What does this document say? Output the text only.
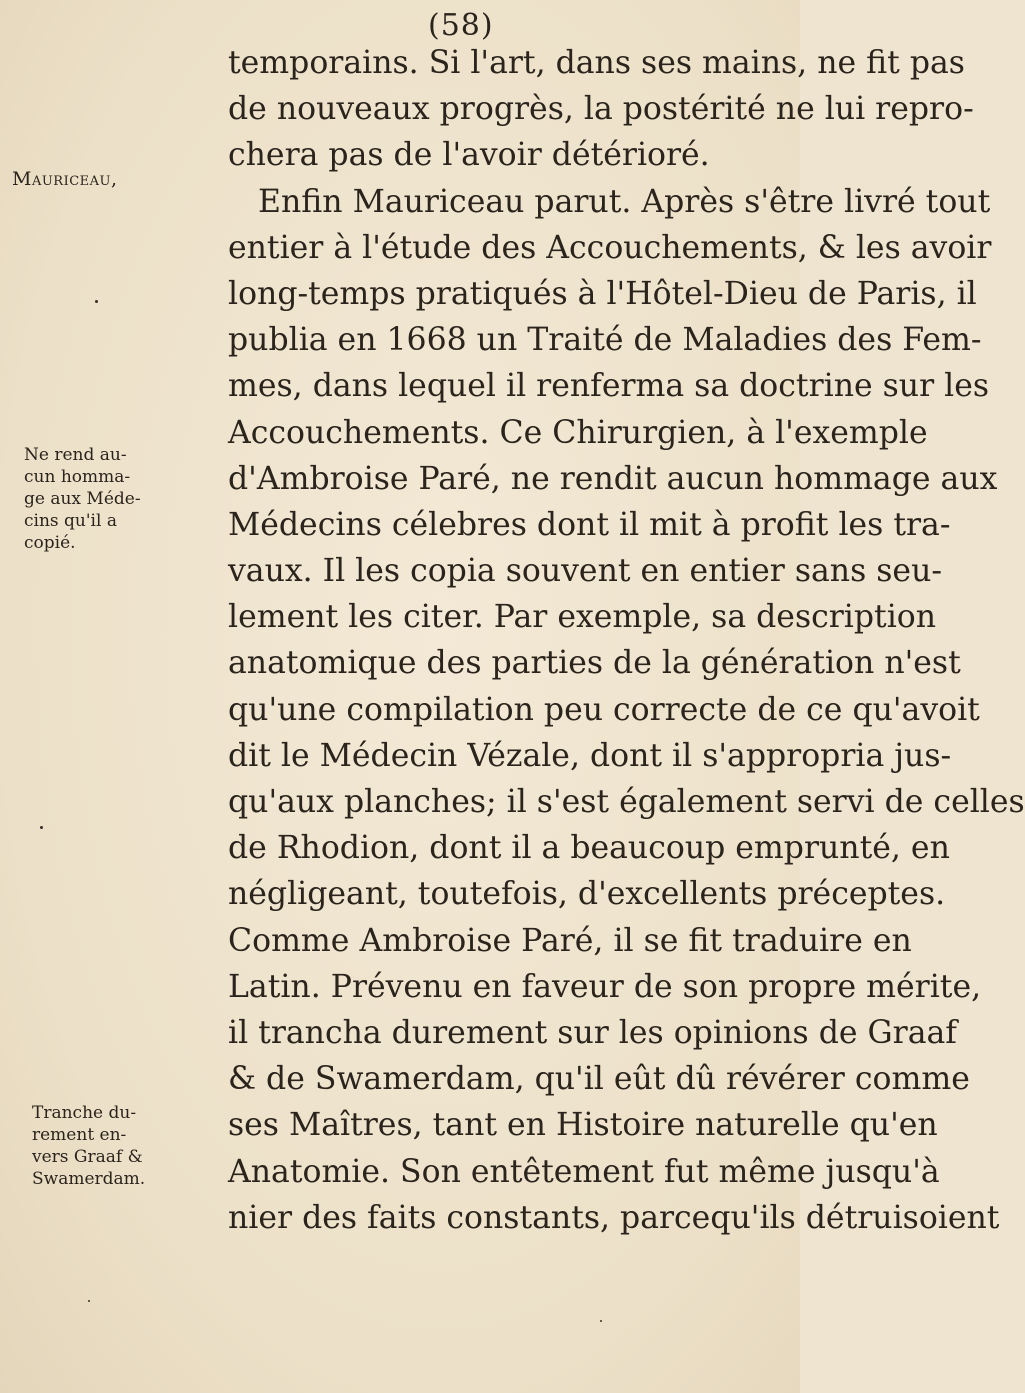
(58)
Mauriceau,
Ne rend au-
cun homma-
ge aux Méde-
cins qu'il a
copié.
Tranche du-
rement en-
vers Graaf &
Swamerdam.
temporains. Si l'art, dans ses mains, ne fit pas
de nouveaux progrès, la postérité ne lui repro-
chera pas de l'avoir détérioré.
Enfin Mauriceau parut. Après s'être livré tout
entier à l'étude des Accouchements, & les avoir
long-temps pratiqués à l'Hôtel-Dieu de Paris, il
publia en 1668 un Traité de Maladies des Fem-
mes, dans lequel il renferma sa doctrine sur les
Accouchements. Ce Chirurgien, à l'exemple
d'Ambroise Paré, ne rendit aucun hommage aux
Médecins célebres dont il mit à profit les tra-
vaux. Il les copia souvent en entier sans seu-
lement les citer. Par exemple, sa description
anatomique des parties de la génération n'est
qu'une compilation peu correcte de ce qu'avoit
dit le Médecin Vézale, dont il s'appropria jus-
qu'aux planches; il s'est également servi de celles
de Rhodion, dont il a beaucoup emprunté, en
négligeant, toutefois, d'excellents préceptes.
Comme Ambroise Paré, il se fit traduire en
Latin. Prévenu en faveur de son propre mérite,
il trancha durement sur les opinions de Graaf
& de Swamerdam, qu'il eût dû révérer comme
ses Maîtres, tant en Histoire naturelle qu'en
Anatomie. Son entêtement fut même jusqu'à
nier des faits constants, parcequ'ils détruisoient
